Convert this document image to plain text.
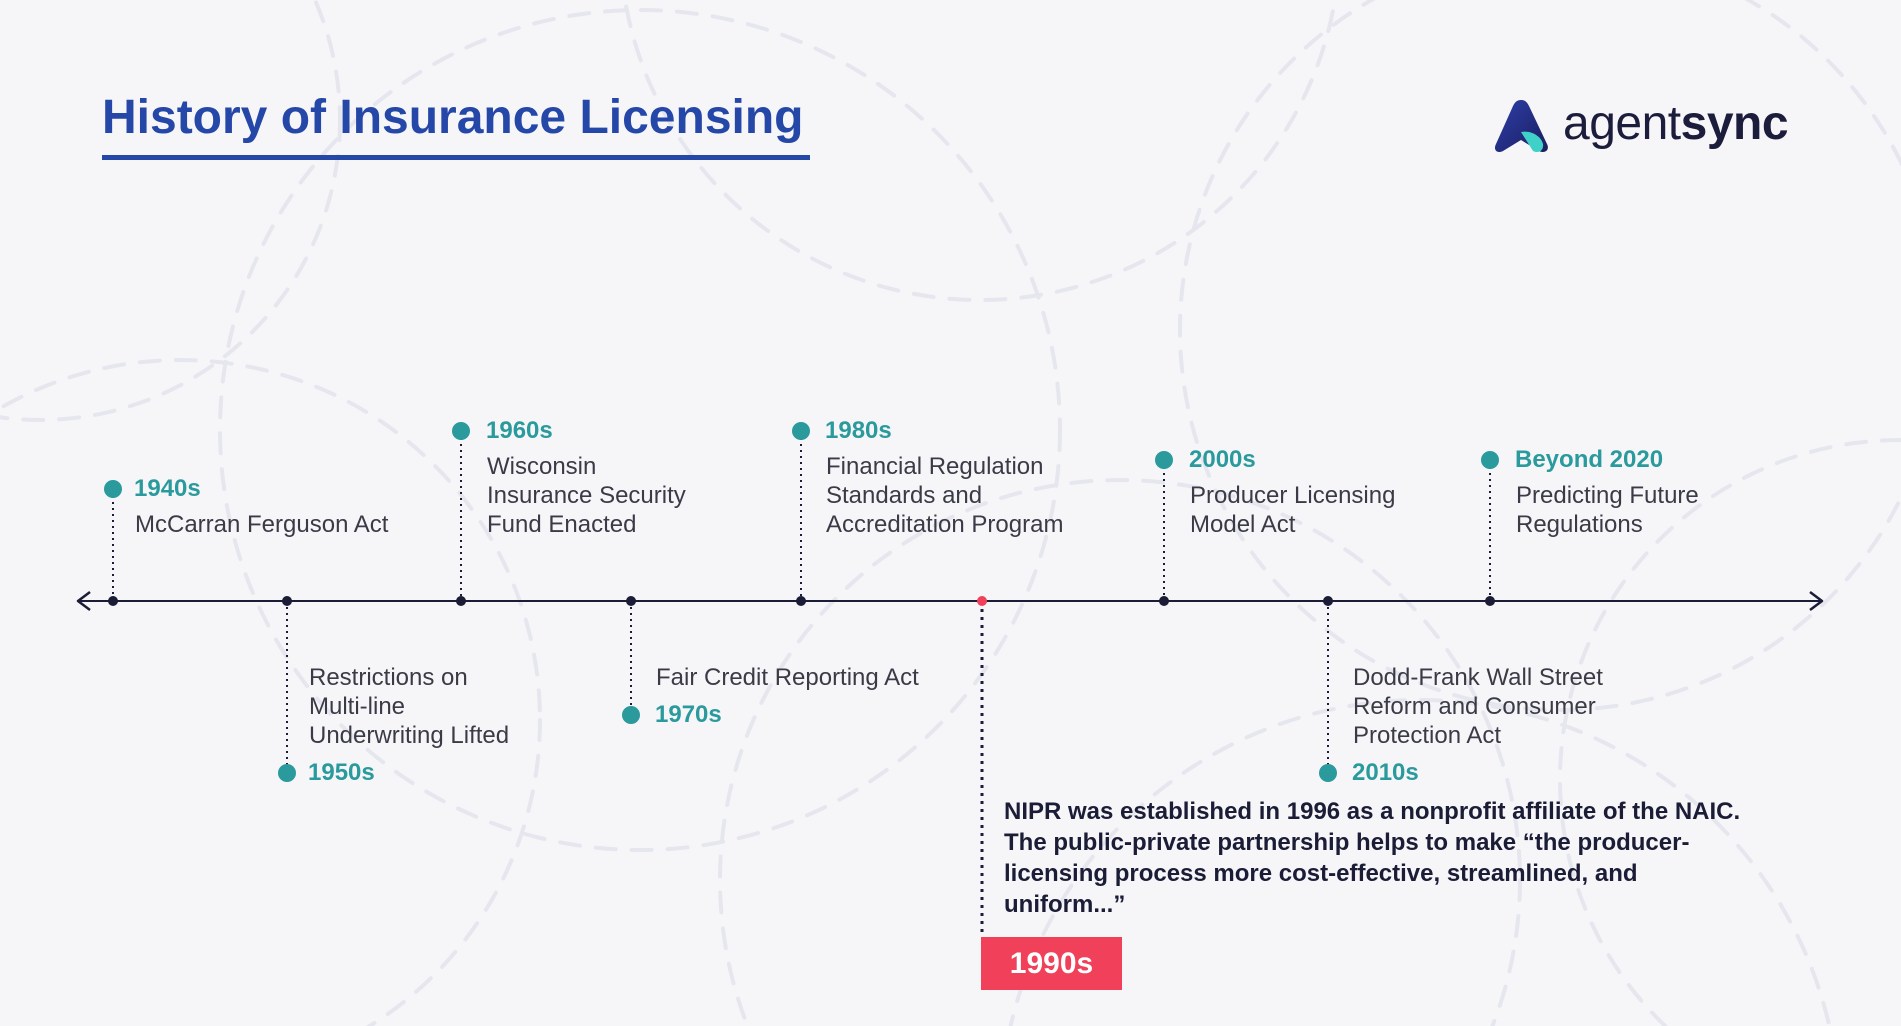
History of Insurance Licensing	agentsync
1940s
McCarran Ferguson Act
Restrictions on
Multi-line
Underwriting Lifted
1950s
1960s
Wisconsin
Insurance Security
Fund Enacted
Fair Credit Reporting Act
1970s
1980s
Financial Regulation
Standards and
Accreditation Program
2000s
Producer Licensing
Model Act
Dodd-Frank Wall Street
Reform and Consumer
Protection Act
2010s
Beyond 2020
Predicting Future
Regulations
NIPR was established in 1996 as a nonprofit affiliate of the NAIC. The public-private partnership helps to make “the producer-licensing process more cost-effective, streamlined, and uniform...”
1990s
